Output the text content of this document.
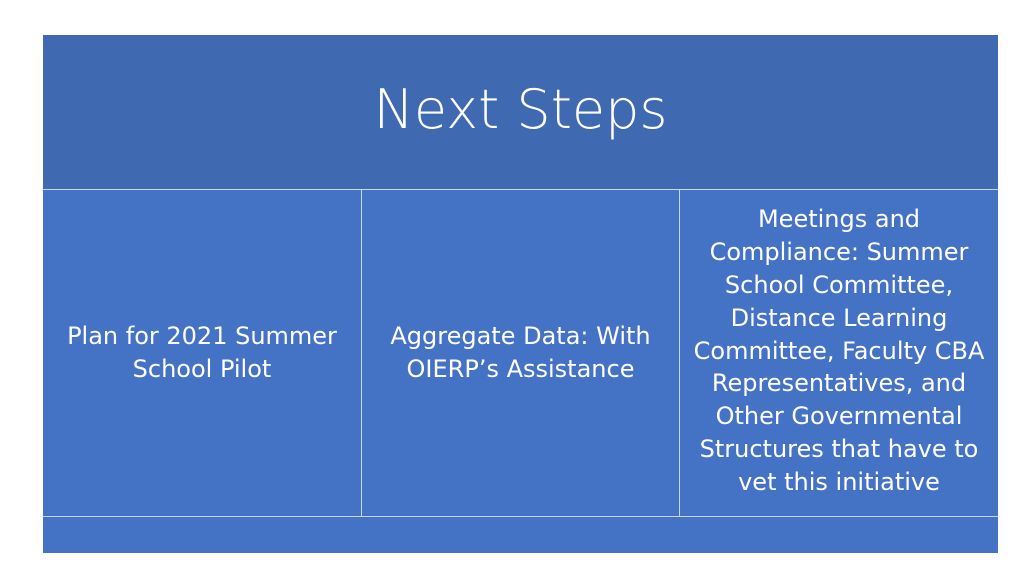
Next Steps
Plan for 2021 Summer
School Pilot
Aggregate Data: With
OIERP’s Assistance
Meetings and
Compliance: Summer
School Committee,
Distance Learning
Committee, Faculty CBA
Representatives, and
Other Governmental
Structures that have to
vet this initiative
